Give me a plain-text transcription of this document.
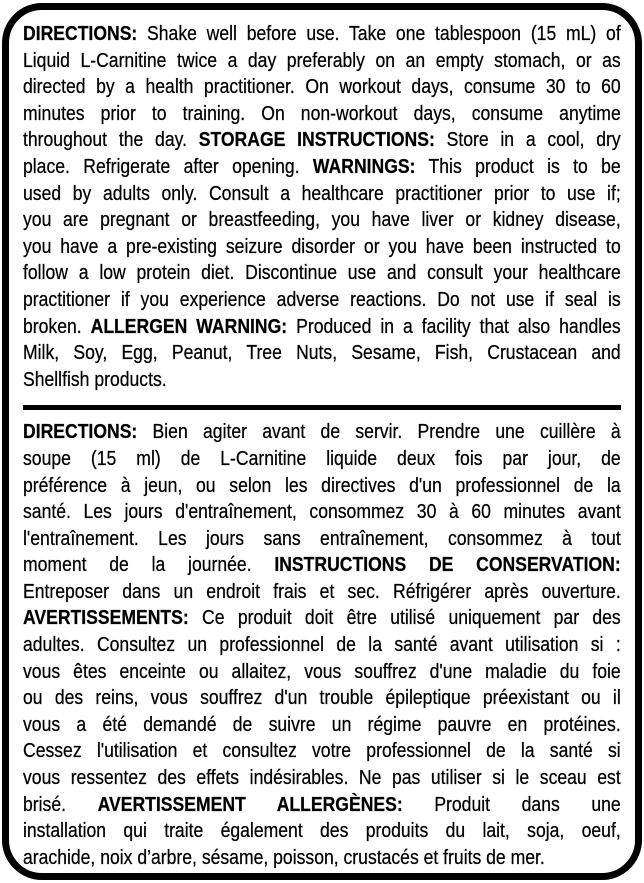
DIRECTIONS: Shake well before use. Take one tablespoon (15 mL) of
Liquid L-Carnitine twice a day preferably on an empty stomach, or as
directed by a health practitioner. On workout days, consume 30 to 60
minutes prior to training. On non-workout days, consume anytime
throughout the day. STORAGE INSTRUCTIONS: Store in a cool, dry
place. Refrigerate after opening. WARNINGS: This product is to be
used by adults only. Consult a healthcare practitioner prior to use if;
you are pregnant or breastfeeding, you have liver or kidney disease,
you have a pre-existing seizure disorder or you have been instructed to
follow a low protein diet. Discontinue use and consult your healthcare
practitioner if you experience adverse reactions. Do not use if seal is
broken. ALLERGEN WARNING: Produced in a facility that also handles
Milk, Soy, Egg, Peanut, Tree Nuts, Sesame, Fish, Crustacean and
Shellfish products.
DIRECTIONS: Bien agiter avant de servir. Prendre une cuillère à
soupe (15 ml) de L-Carnitine liquide deux fois par jour, de
préférence à jeun, ou selon les directives d'un professionnel de la
santé. Les jours d'entraînement, consommez 30 à 60 minutes avant
l'entraînement. Les jours sans entraînement, consommez à tout
moment de la journée. INSTRUCTIONS DE CONSERVATION:
Entreposer dans un endroit frais et sec. Réfrigérer après ouverture.
AVERTISSEMENTS: Ce produit doit être utilisé uniquement par des
adultes. Consultez un professionnel de la santé avant utilisation si :
vous êtes enceinte ou allaitez, vous souffrez d'une maladie du foie
ou des reins, vous souffrez d'un trouble épileptique préexistant ou il
vous a été demandé de suivre un régime pauvre en protéines.
Cessez l'utilisation et consultez votre professionnel de la santé si
vous ressentez des effets indésirables. Ne pas utiliser si le sceau est
brisé. AVERTISSEMENT ALLERGÈNES: Produit dans une
installation qui traite également des produits du lait, soja, oeuf,
arachide, noix d’arbre, sésame, poisson, crustacés et fruits de mer.
